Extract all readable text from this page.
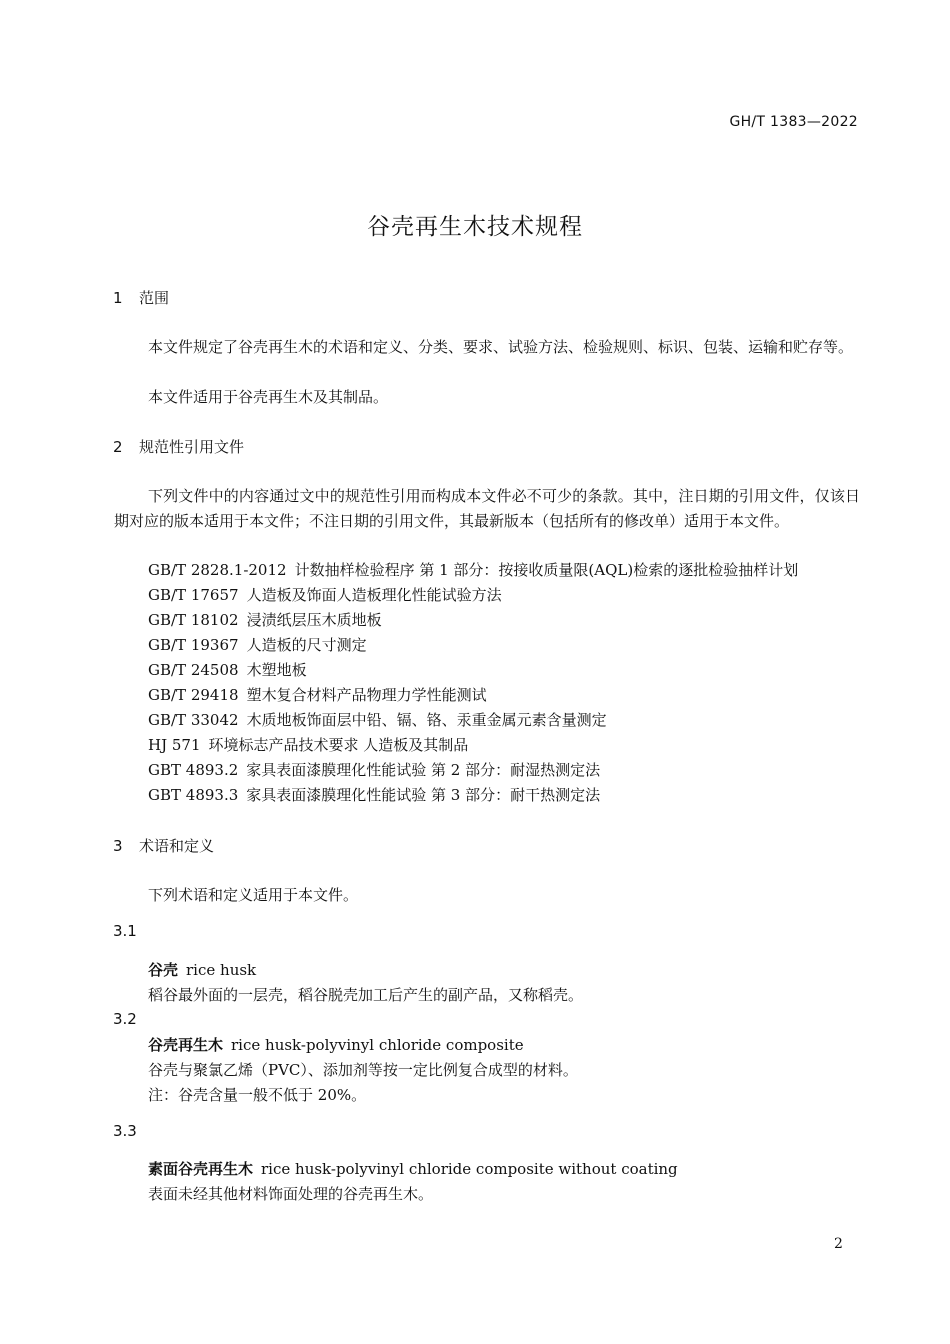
GH/T 1383—2022
谷壳再生木技术规程
1 范围
本文件规定了谷壳再生木的术语和定义、分类、要求、试验方法、检验规则、标识、包装、运输和贮存等。
本文件适用于谷壳再生木及其制品。
2 规范性引用文件
下列文件中的内容通过文中的规范性引用而构成本文件必不可少的条款。其中，注日期的引用文件，仅该日期对应的版本适用于本文件；不注日期的引用文件，其最新版本（包括所有的修改单）适用于本文件。
GB/T 2828.1-2012 计数抽样检验程序 第 1 部分：按接收质量限(AQL)检索的逐批检验抽样计划
GB/T 17657 人造板及饰面人造板理化性能试验方法
GB/T 18102 浸渍纸层压木质地板
GB/T 19367 人造板的尺寸测定
GB/T 24508 木塑地板
GB/T 29418 塑木复合材料产品物理力学性能测试
GB/T 33042 木质地板饰面层中铅、镉、铬、汞重金属元素含量测定
HJ 571 环境标志产品技术要求 人造板及其制品
GBT 4893.2 家具表面漆膜理化性能试验 第 2 部分：耐湿热测定法
GBT 4893.3 家具表面漆膜理化性能试验 第 3 部分：耐干热测定法
3 术语和定义
下列术语和定义适用于本文件。
3.1
谷壳 rice husk
稻谷最外面的一层壳，稻谷脱壳加工后产生的副产品，又称稻壳。
3.2
谷壳再生木 rice husk-polyvinyl chloride composite
谷壳与聚氯乙烯（PVC）、添加剂等按一定比例复合成型的材料。
注：谷壳含量一般不低于 20%。
3.3
素面谷壳再生木 rice husk-polyvinyl chloride composite without coating
表面未经其他材料饰面处理的谷壳再生木。
2
